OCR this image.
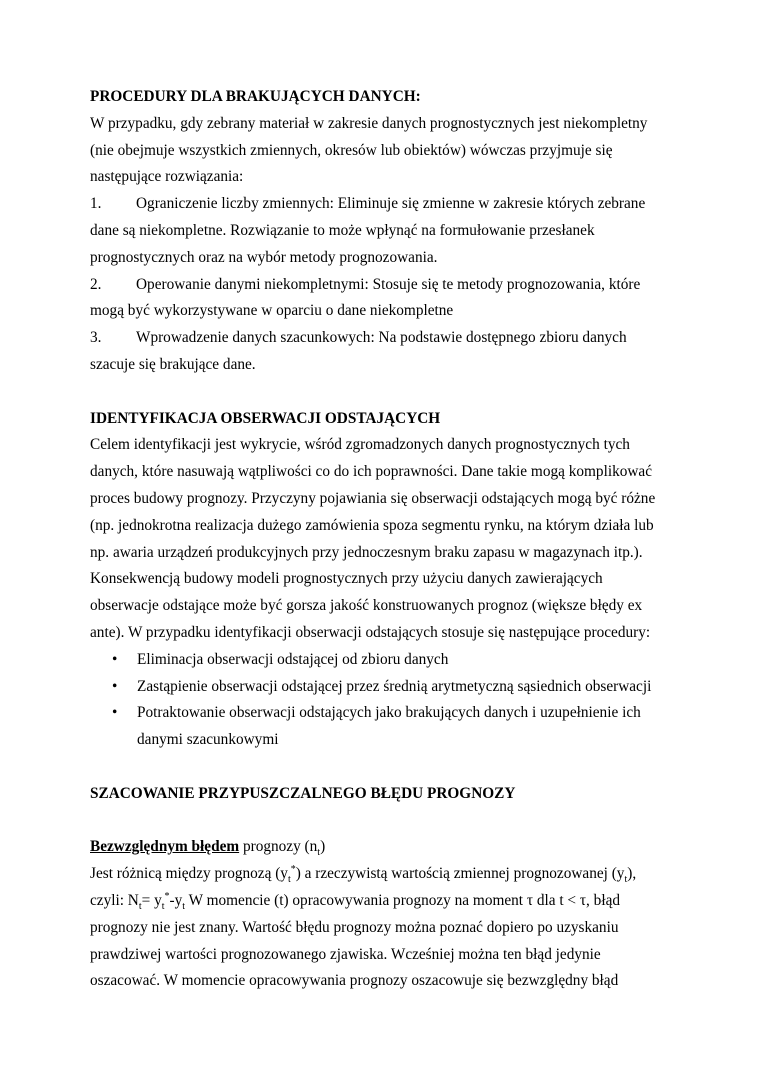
PROCEDURY DLA BRAKUJĄCYCH DANYCH:

W przypadku, gdy zebrany materiał w zakresie danych prognostycznych jest niekompletny (nie obejmuje wszystkich zmiennych, okresów lub obiektów) wówczas przyjmuje się następujące rozwiązania:

1.	Ograniczenie liczby zmiennych: Eliminuje się zmienne w zakresie których zebrane

dane są niekompletne. Rozwiązanie to może wpłynąć na formułowanie przesłanek prognostycznych oraz na wybór metody prognozowania.

2.	Operowanie danymi niekompletnymi: Stosuje się te metody prognozowania, które

mogą być wykorzystywane w oparciu o dane niekompletne

3.	Wprowadzenie danych szacunkowych: Na podstawie dostępnego zbioru danych

szacuje się brakujące dane.

IDENTYFIKACJA OBSERWACJI ODSTAJĄCYCH

Celem identyfikacji jest wykrycie, wśród zgromadzonych danych prognostycznych tych danych, które nasuwają wątpliwości co do ich poprawności. Dane takie mogą komplikować proces budowy prognozy. Przyczyny pojawiania się obserwacji odstających mogą być różne (np. jednokrotna realizacja dużego zamówienia spoza segmentu rynku, na którym działa lub np. awaria urządzeń produkcyjnych przy jednoczesnym braku zapasu w magazynach itp.). Konsekwencją budowy modeli prognostycznych przy użyciu danych zawierających obserwacje odstające może być gorsza jakość konstruowanych prognoz (większe błędy ex ante). W przypadku identyfikacji obserwacji odstających stosuje się następujące procedury:

• Eliminacja obserwacji odstającej od zbioru danych
• Zastąpienie obserwacji odstającej przez średnią arytmetyczną sąsiednich obserwacji
• Potraktowanie obserwacji odstających jako brakujących danych i uzupełnienie ich danymi szacunkowymi

SZACOWANIE PRZYPUSZCZALNEGO BŁĘDU PROGNOZY

Bezwzględnym błędem prognozy $(n_t)$

Jest różnicą między prognozą $(y_t^*)$ a rzeczywistą wartością zmiennej prognozowanej $(y_t)$,
czyli: $N_t= y_t^*-y_t$ W momencie (t) opracowywania prognozy na moment τ dla t < τ, błąd prognozy nie jest znany. Wartość błędu prognozy można poznać dopiero po uzyskaniu prawdziwej wartości prognozowanego zjawiska. Wcześniej można ten błąd jedynie oszacować. W momencie opracowywania prognozy oszacowuje się bezwzględny błąd
